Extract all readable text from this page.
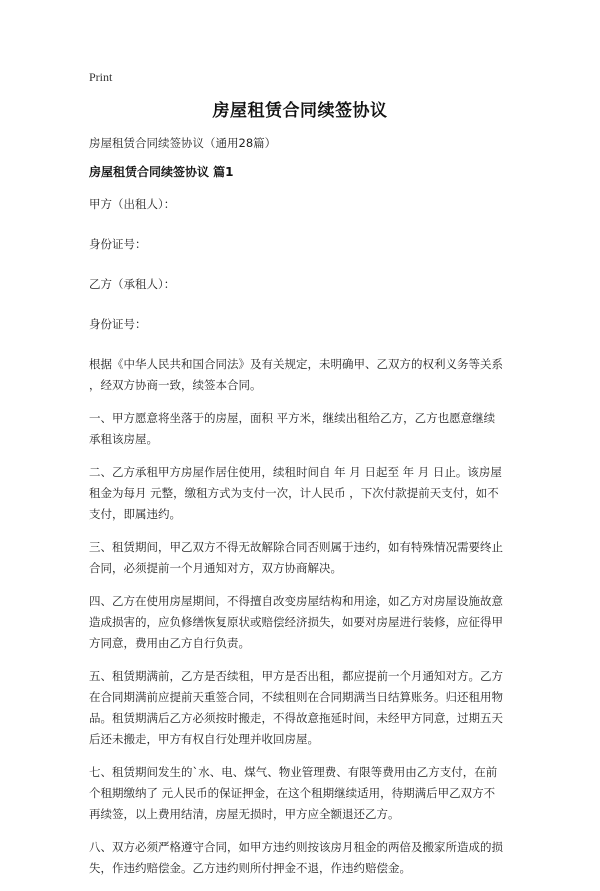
Print
房屋租赁合同续签协议
房屋租赁合同续签协议（通用28篇）
房屋租赁合同续签协议 篇1
甲方（出租人）：
身份证号：
乙方（承租人）：
身份证号：
根据《中华人民共和国合同法》及有关规定，未明确甲、乙双方的权利义务等关系
，经双方协商一致，续签本合同。
一、甲方愿意将坐落于的房屋，面积 平方米，继续出租给乙方，乙方也愿意继续
承租该房屋。
二、乙方承租甲方房屋作居住使用，续租时间自 年 月 日起至 年 月 日止。该房屋
租金为每月 元整，缴租方式为支付一次，计人民币 ，下次付款提前天支付，如不
支付，即属违约。
三、租赁期间，甲乙双方不得无故解除合同否则属于违约，如有特殊情况需要终止
合同，必须提前一个月通知对方，双方协商解决。
四、乙方在使用房屋期间，不得擅自改变房屋结构和用途，如乙方对房屋设施故意
造成损害的，应负修缮恢复原状或赔偿经济损失，如要对房屋进行装修，应征得甲
方同意，费用由乙方自行负责。
五、租赁期满前，乙方是否续租，甲方是否出租，都应提前一个月通知对方。乙方
在合同期满前应提前天重签合同，不续租则在合同期满当日结算账务。归还租用物
品。租赁期满后乙方必须按时搬走，不得故意拖延时间，未经甲方同意，过期五天
后还未搬走，甲方有权自行处理并收回房屋。
七、租赁期间发生的`水、电、煤气、物业管理费、有限等费用由乙方支付，在前
个租期缴纳了 元人民币的保证押金，在这个租期继续适用，待期满后甲乙双方不
再续签，以上费用结清，房屋无损时，甲方应全额退还乙方。
八、双方必须严格遵守合同，如甲方违约则按该房月租金的两倍及搬家所造成的损
失，作违约赔偿金。乙方违约则所付押金不退，作违约赔偿金。
